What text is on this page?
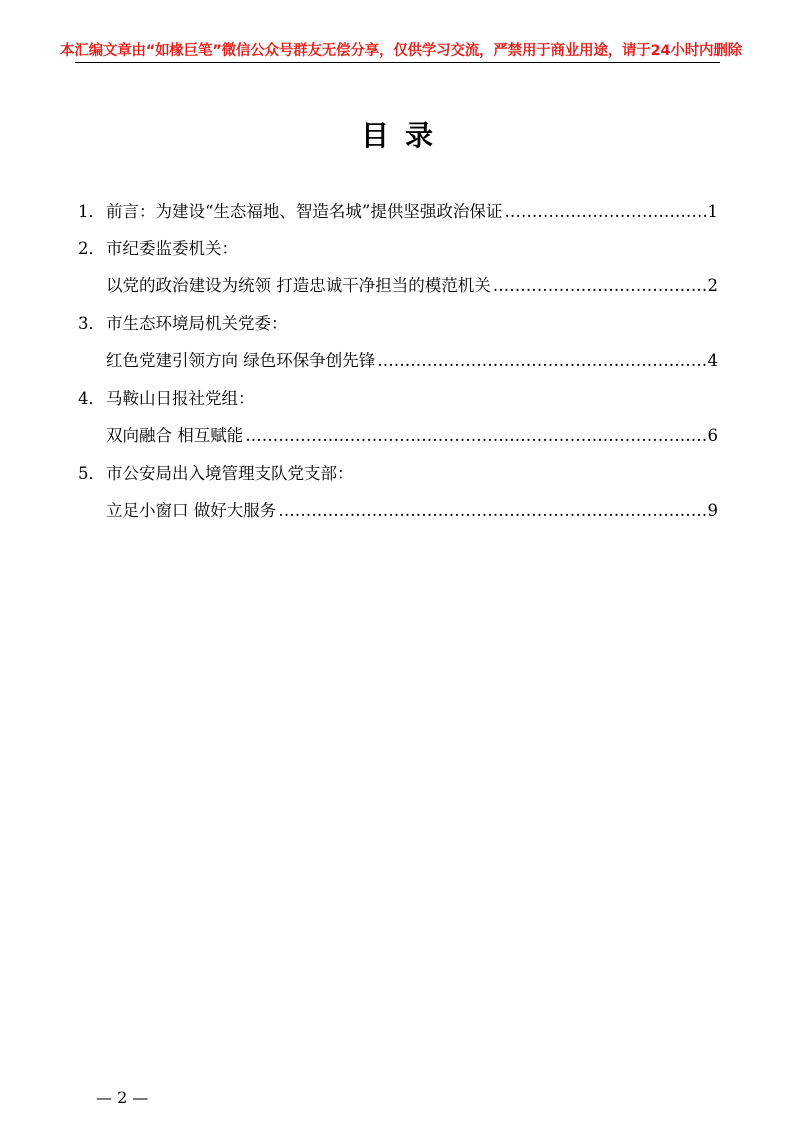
本汇编文章由“如椽巨笔”微信公众号群友无偿分享，仅供学习交流，严禁用于商业用途，请于24小时内删除
目录
1． 前言：为建设“生态福地、智造名城”提供坚强政治保证 ……………………………………………………………………………………………………………………………………………………………………	1
2． 市纪委监委机关：
以党的政治建设为统领 打造忠诚干净担当的模范机关 ……………………………………………………………………………………………………………………………………………………………………	2
3． 市生态环境局机关党委：
红色党建引领方向 绿色环保争创先锋 ……………………………………………………………………………………………………………………………………………………………………	4
4． 马鞍山日报社党组：
双向融合 相互赋能 ……………………………………………………………………………………………………………………………………………………………………	6
5． 市公安局出入境管理支队党支部：
立足小窗口 做好大服务 ……………………………………………………………………………………………………………………………………………………………………	9
— 2 —
